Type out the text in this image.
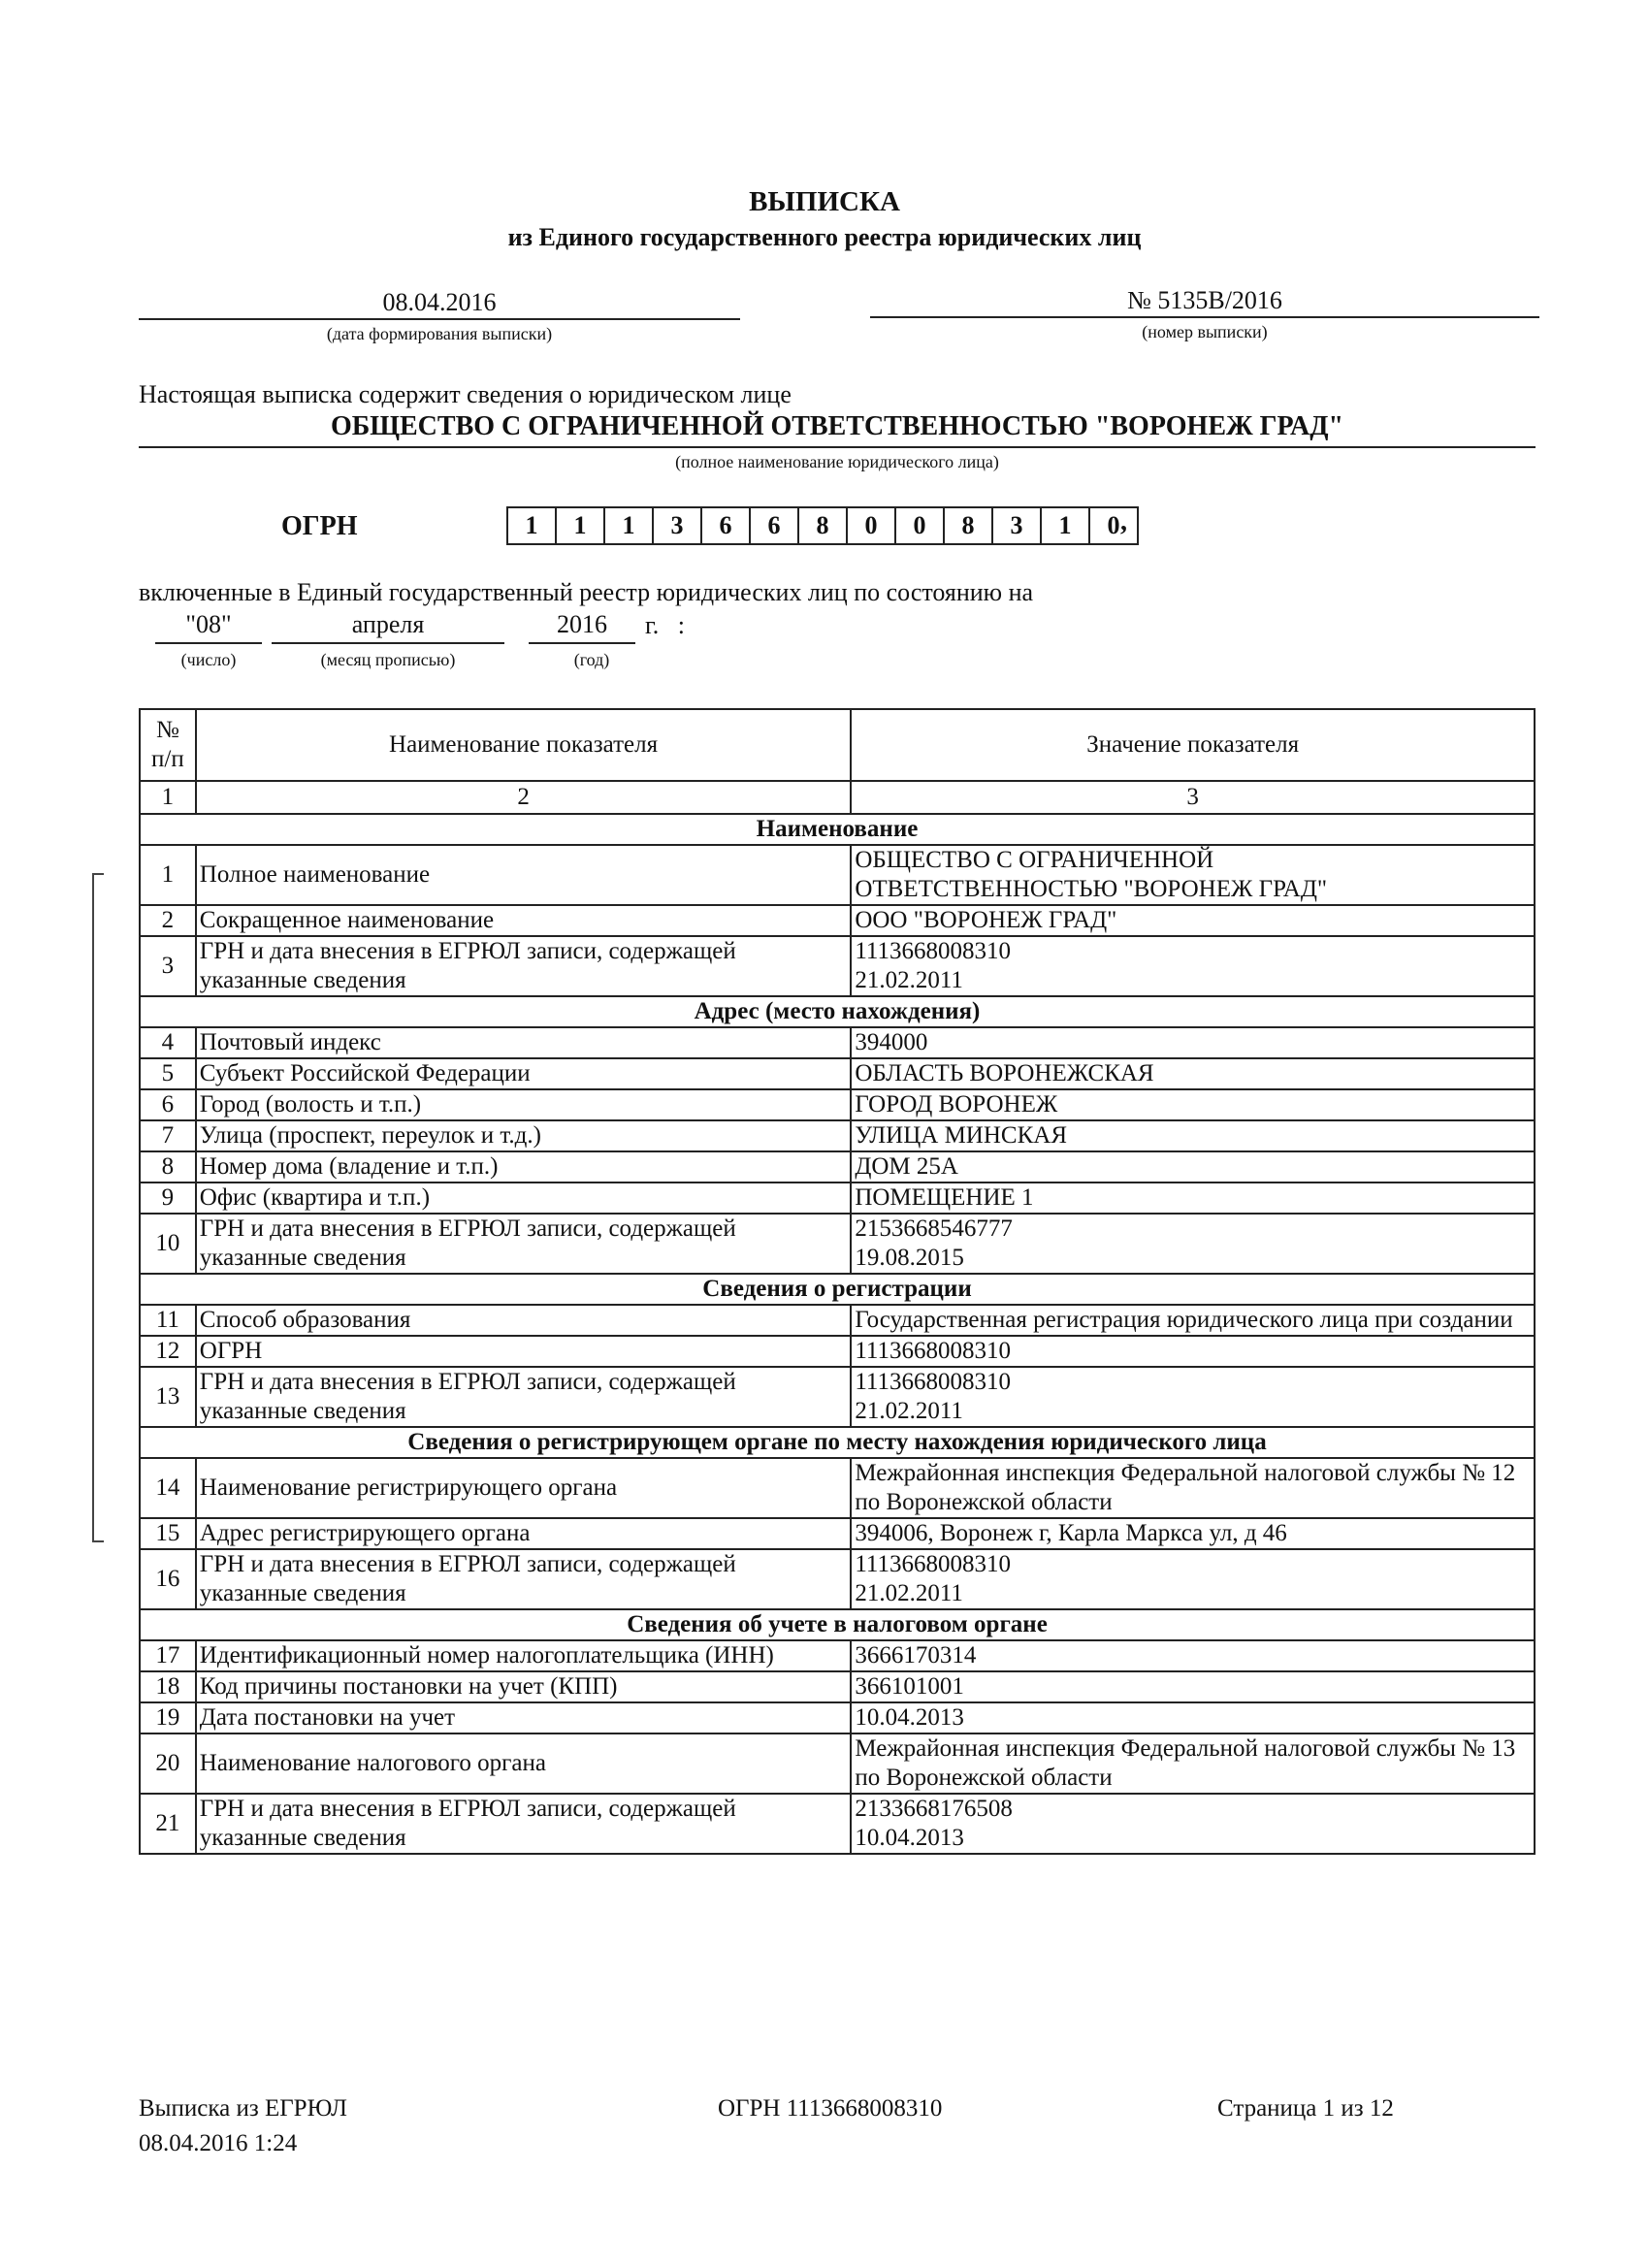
ВЫПИСКА
из Единого государственного реестра юридических лиц
08.04.2016
(дата формирования выписки)
№ 5135В/2016
(номер выписки)
Настоящая выписка содержит сведения о юридическом лице
ОБЩЕСТВО С ОГРАНИЧЕННОЙ ОТВЕТСТВЕННОСТЬЮ "ВОРОНЕЖ ГРАД"
(полное наименование юридического лица)
ОГРН	1	1	1	3	6	6	8	0	0	8	3	1	0 ,
включенные в Единый государственный реестр юридических лиц по состоянию на
"08"	апреля	2016	г.   :
(число)	(месяц прописью)	(год)
№ п/п	Наименование показателя	Значение показателя
1	2	3
Наименование		
1	Полное наименование	ОБЩЕСТВО С ОГРАНИЧЕННОЙ
ОТВЕТСТВЕННОСТЬЮ "ВОРОНЕЖ ГРАД"
2	Сокращенное наименование	ООО "ВОРОНЕЖ ГРАД"
3	ГРН и дата внесения в ЕГРЮЛ записи, содержащей указанные сведения	1113668008310
21.02.2011
Адрес (место нахождения)		
4	Почтовый индекс	394000
5	Субъект Российской Федерации	ОБЛАСТЬ ВОРОНЕЖСКАЯ
6	Город (волость и т.п.)	ГОРОД ВОРОНЕЖ
7	Улица (проспект, переулок и т.д.)	УЛИЦА МИНСКАЯ
8	Номер дома (владение и т.п.)	ДОМ 25А
9	Офис (квартира и т.п.)	ПОМЕЩЕНИЕ 1
10	ГРН и дата внесения в ЕГРЮЛ записи, содержащей указанные сведения	2153668546777
19.08.2015
Сведения о регистрации		
11	Способ образования	Государственная регистрация юридического лица при создании
12	ОГРН	1113668008310
13	ГРН и дата внесения в ЕГРЮЛ записи, содержащей указанные сведения	1113668008310
21.02.2011
Сведения о регистрирующем органе по месту нахождения юридического лица		
14	Наименование регистрирующего органа	Межрайонная инспекция Федеральной налоговой службы № 12 по Воронежской области
15	Адрес регистрирующего органа	394006, Воронеж г, Карла Маркса ул, д 46
16	ГРН и дата внесения в ЕГРЮЛ записи, содержащей указанные сведения	1113668008310
21.02.2011
Сведения об учете в налоговом органе		
17	Идентификационный номер налогоплательщика (ИНН)	3666170314
18	Код причины постановки на учет (КПП)	366101001
19	Дата постановки на учет	10.04.2013
20	Наименование налогового органа	Межрайонная инспекция Федеральной налоговой службы № 13 по Воронежской области
21	ГРН и дата внесения в ЕГРЮЛ записи, содержащей указанные сведения	2133668176508
10.04.2013
Выписка из ЕГРЮЛ
08.04.2016 1:24
ОГРН 1113668008310	Страница 1 из 12
